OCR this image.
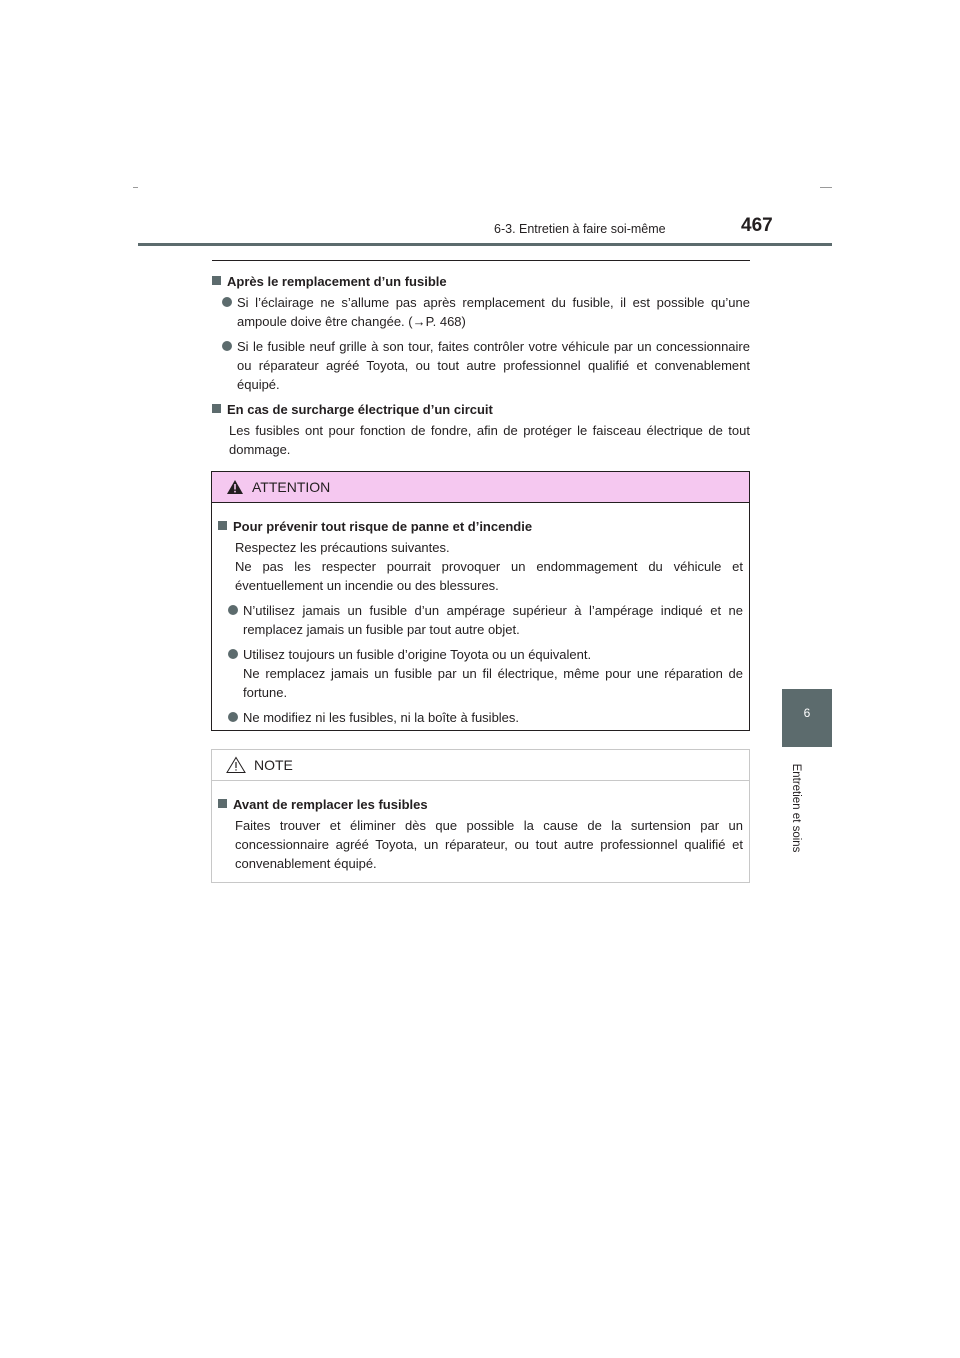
6-3. Entretien à faire soi-même	467
6
Entretien et soins
Après le remplacement d’un fusible
Si l’éclairage ne s’allume pas après remplacement du fusible, il est possible qu’une ampoule doive être changée. (→P. 468)
Si le fusible neuf grille à son tour, faites contrôler votre véhicule par un concessionnaire ou réparateur agréé Toyota, ou tout autre professionnel qualifié et convenablement équipé.
En cas de surcharge électrique d’un circuit
Les fusibles ont pour fonction de fondre, afin de protéger le faisceau électrique de tout dommage.
ATTENTION
Pour prévenir tout risque de panne et d’incendie
Respectez les précautions suivantes.
Ne pas les respecter pourrait provoquer un endommagement du véhicule et éventuellement un incendie ou des blessures.
N’utilisez jamais un fusible d’un ampérage supérieur à l’ampérage indiqué et ne remplacez jamais un fusible par tout autre objet.
Utilisez toujours un fusible d’origine Toyota ou un équivalent.
Ne remplacez jamais un fusible par un fil électrique, même pour une réparation de fortune.
Ne modifiez ni les fusibles, ni la boîte à fusibles.
NOTE
Avant de remplacer les fusibles
Faites trouver et éliminer dès que possible la cause de la surtension par un concessionnaire agréé Toyota, un réparateur, ou tout autre professionnel qualifié et convenablement équipé.
